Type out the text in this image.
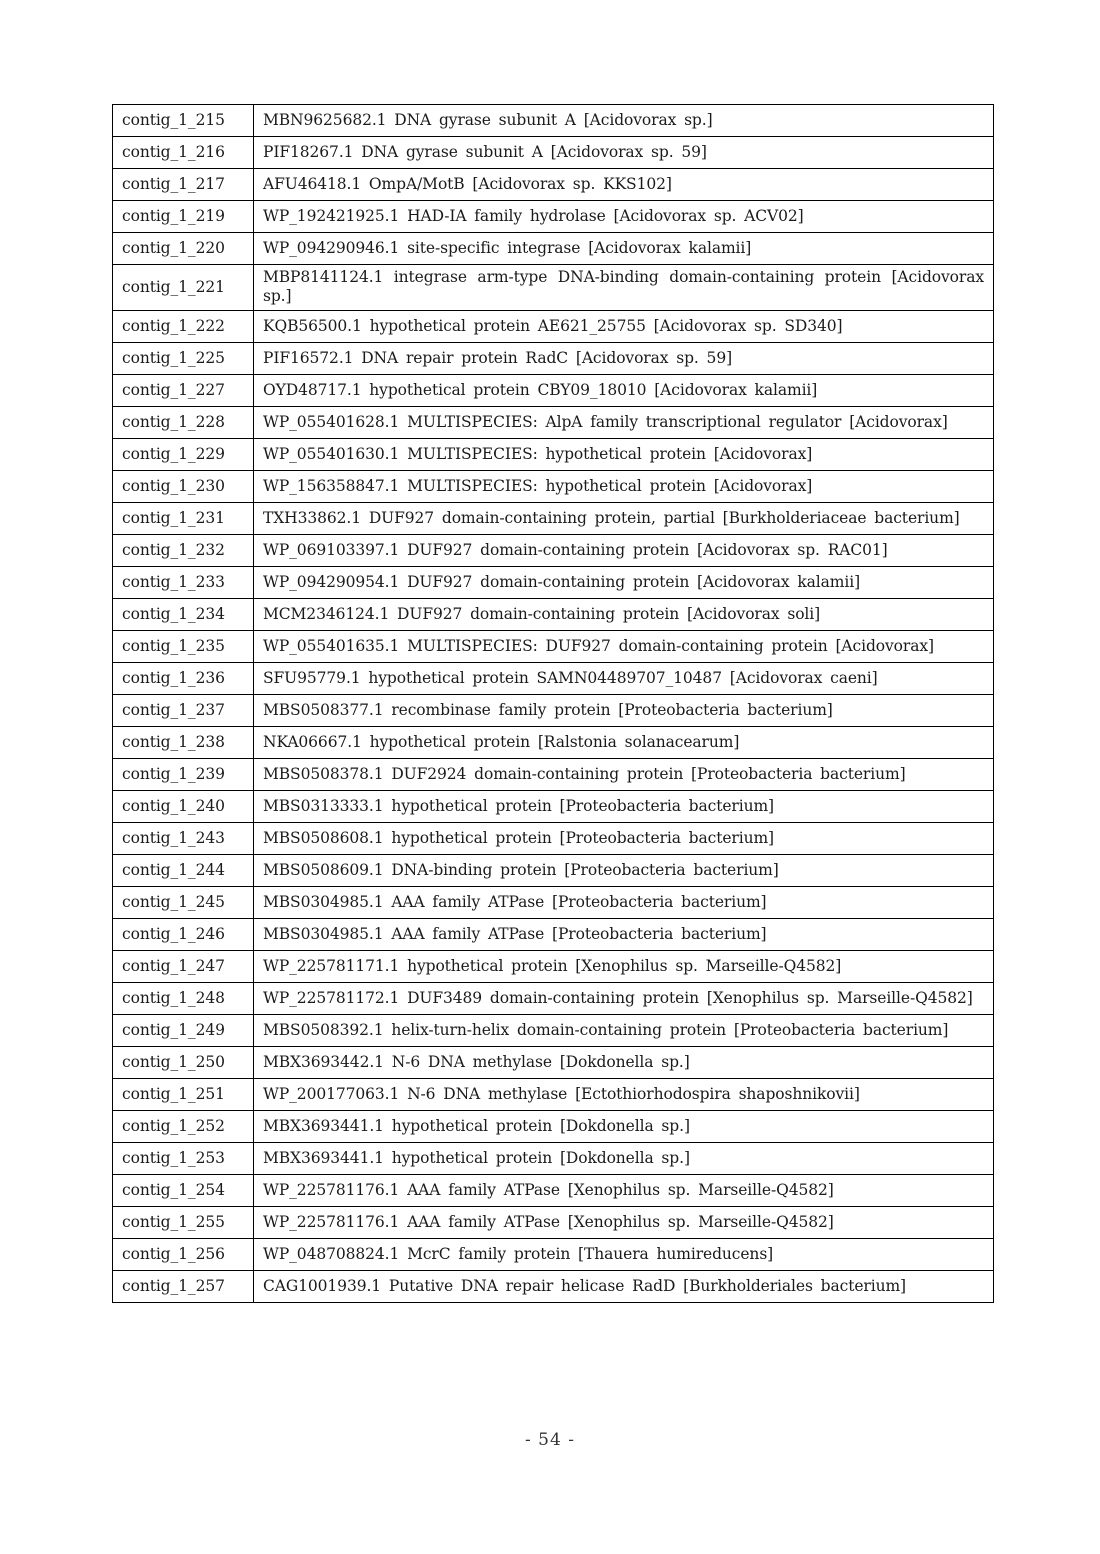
contig_1_215	MBN9625682.1 DNA gyrase subunit A [Acidovorax sp.]
contig_1_216	PIF18267.1 DNA gyrase subunit A [Acidovorax sp. 59]
contig_1_217	AFU46418.1 OmpA/MotB [Acidovorax sp. KKS102]
contig_1_219	WP_192421925.1 HAD-IA family hydrolase [Acidovorax sp. ACV02]
contig_1_220	WP_094290946.1 site-specific integrase [Acidovorax kalamii]
contig_1_221	MBP8141124.1 integrase arm-type DNA-binding domain-containing protein [Acidovorax sp.]
contig_1_222	KQB56500.1 hypothetical protein AE621_25755 [Acidovorax sp. SD340]
contig_1_225	PIF16572.1 DNA repair protein RadC [Acidovorax sp. 59]
contig_1_227	OYD48717.1 hypothetical protein CBY09_18010 [Acidovorax kalamii]
contig_1_228	WP_055401628.1 MULTISPECIES: AlpA family transcriptional regulator [Acidovorax]
contig_1_229	WP_055401630.1 MULTISPECIES: hypothetical protein [Acidovorax]
contig_1_230	WP_156358847.1 MULTISPECIES: hypothetical protein [Acidovorax]
contig_1_231	TXH33862.1 DUF927 domain-containing protein, partial [Burkholderiaceae bacterium]
contig_1_232	WP_069103397.1 DUF927 domain-containing protein [Acidovorax sp. RAC01]
contig_1_233	WP_094290954.1 DUF927 domain-containing protein [Acidovorax kalamii]
contig_1_234	MCM2346124.1 DUF927 domain-containing protein [Acidovorax soli]
contig_1_235	WP_055401635.1 MULTISPECIES: DUF927 domain-containing protein [Acidovorax]
contig_1_236	SFU95779.1 hypothetical protein SAMN04489707_10487 [Acidovorax caeni]
contig_1_237	MBS0508377.1 recombinase family protein [Proteobacteria bacterium]
contig_1_238	NKA06667.1 hypothetical protein [Ralstonia solanacearum]
contig_1_239	MBS0508378.1 DUF2924 domain-containing protein [Proteobacteria bacterium]
contig_1_240	MBS0313333.1 hypothetical protein [Proteobacteria bacterium]
contig_1_243	MBS0508608.1 hypothetical protein [Proteobacteria bacterium]
contig_1_244	MBS0508609.1 DNA-binding protein [Proteobacteria bacterium]
contig_1_245	MBS0304985.1 AAA family ATPase [Proteobacteria bacterium]
contig_1_246	MBS0304985.1 AAA family ATPase [Proteobacteria bacterium]
contig_1_247	WP_225781171.1 hypothetical protein [Xenophilus sp. Marseille-Q4582]
contig_1_248	WP_225781172.1 DUF3489 domain-containing protein [Xenophilus sp. Marseille-Q4582]
contig_1_249	MBS0508392.1 helix-turn-helix domain-containing protein [Proteobacteria bacterium]
contig_1_250	MBX3693442.1 N-6 DNA methylase [Dokdonella sp.]
contig_1_251	WP_200177063.1 N-6 DNA methylase [Ectothiorhodospira shaposhnikovii]
contig_1_252	MBX3693441.1 hypothetical protein [Dokdonella sp.]
contig_1_253	MBX3693441.1 hypothetical protein [Dokdonella sp.]
contig_1_254	WP_225781176.1 AAA family ATPase [Xenophilus sp. Marseille-Q4582]
contig_1_255	WP_225781176.1 AAA family ATPase [Xenophilus sp. Marseille-Q4582]
contig_1_256	WP_048708824.1 McrC family protein [Thauera humireducens]
contig_1_257	CAG1001939.1 Putative DNA repair helicase RadD [Burkholderiales bacterium]
- 54 -
